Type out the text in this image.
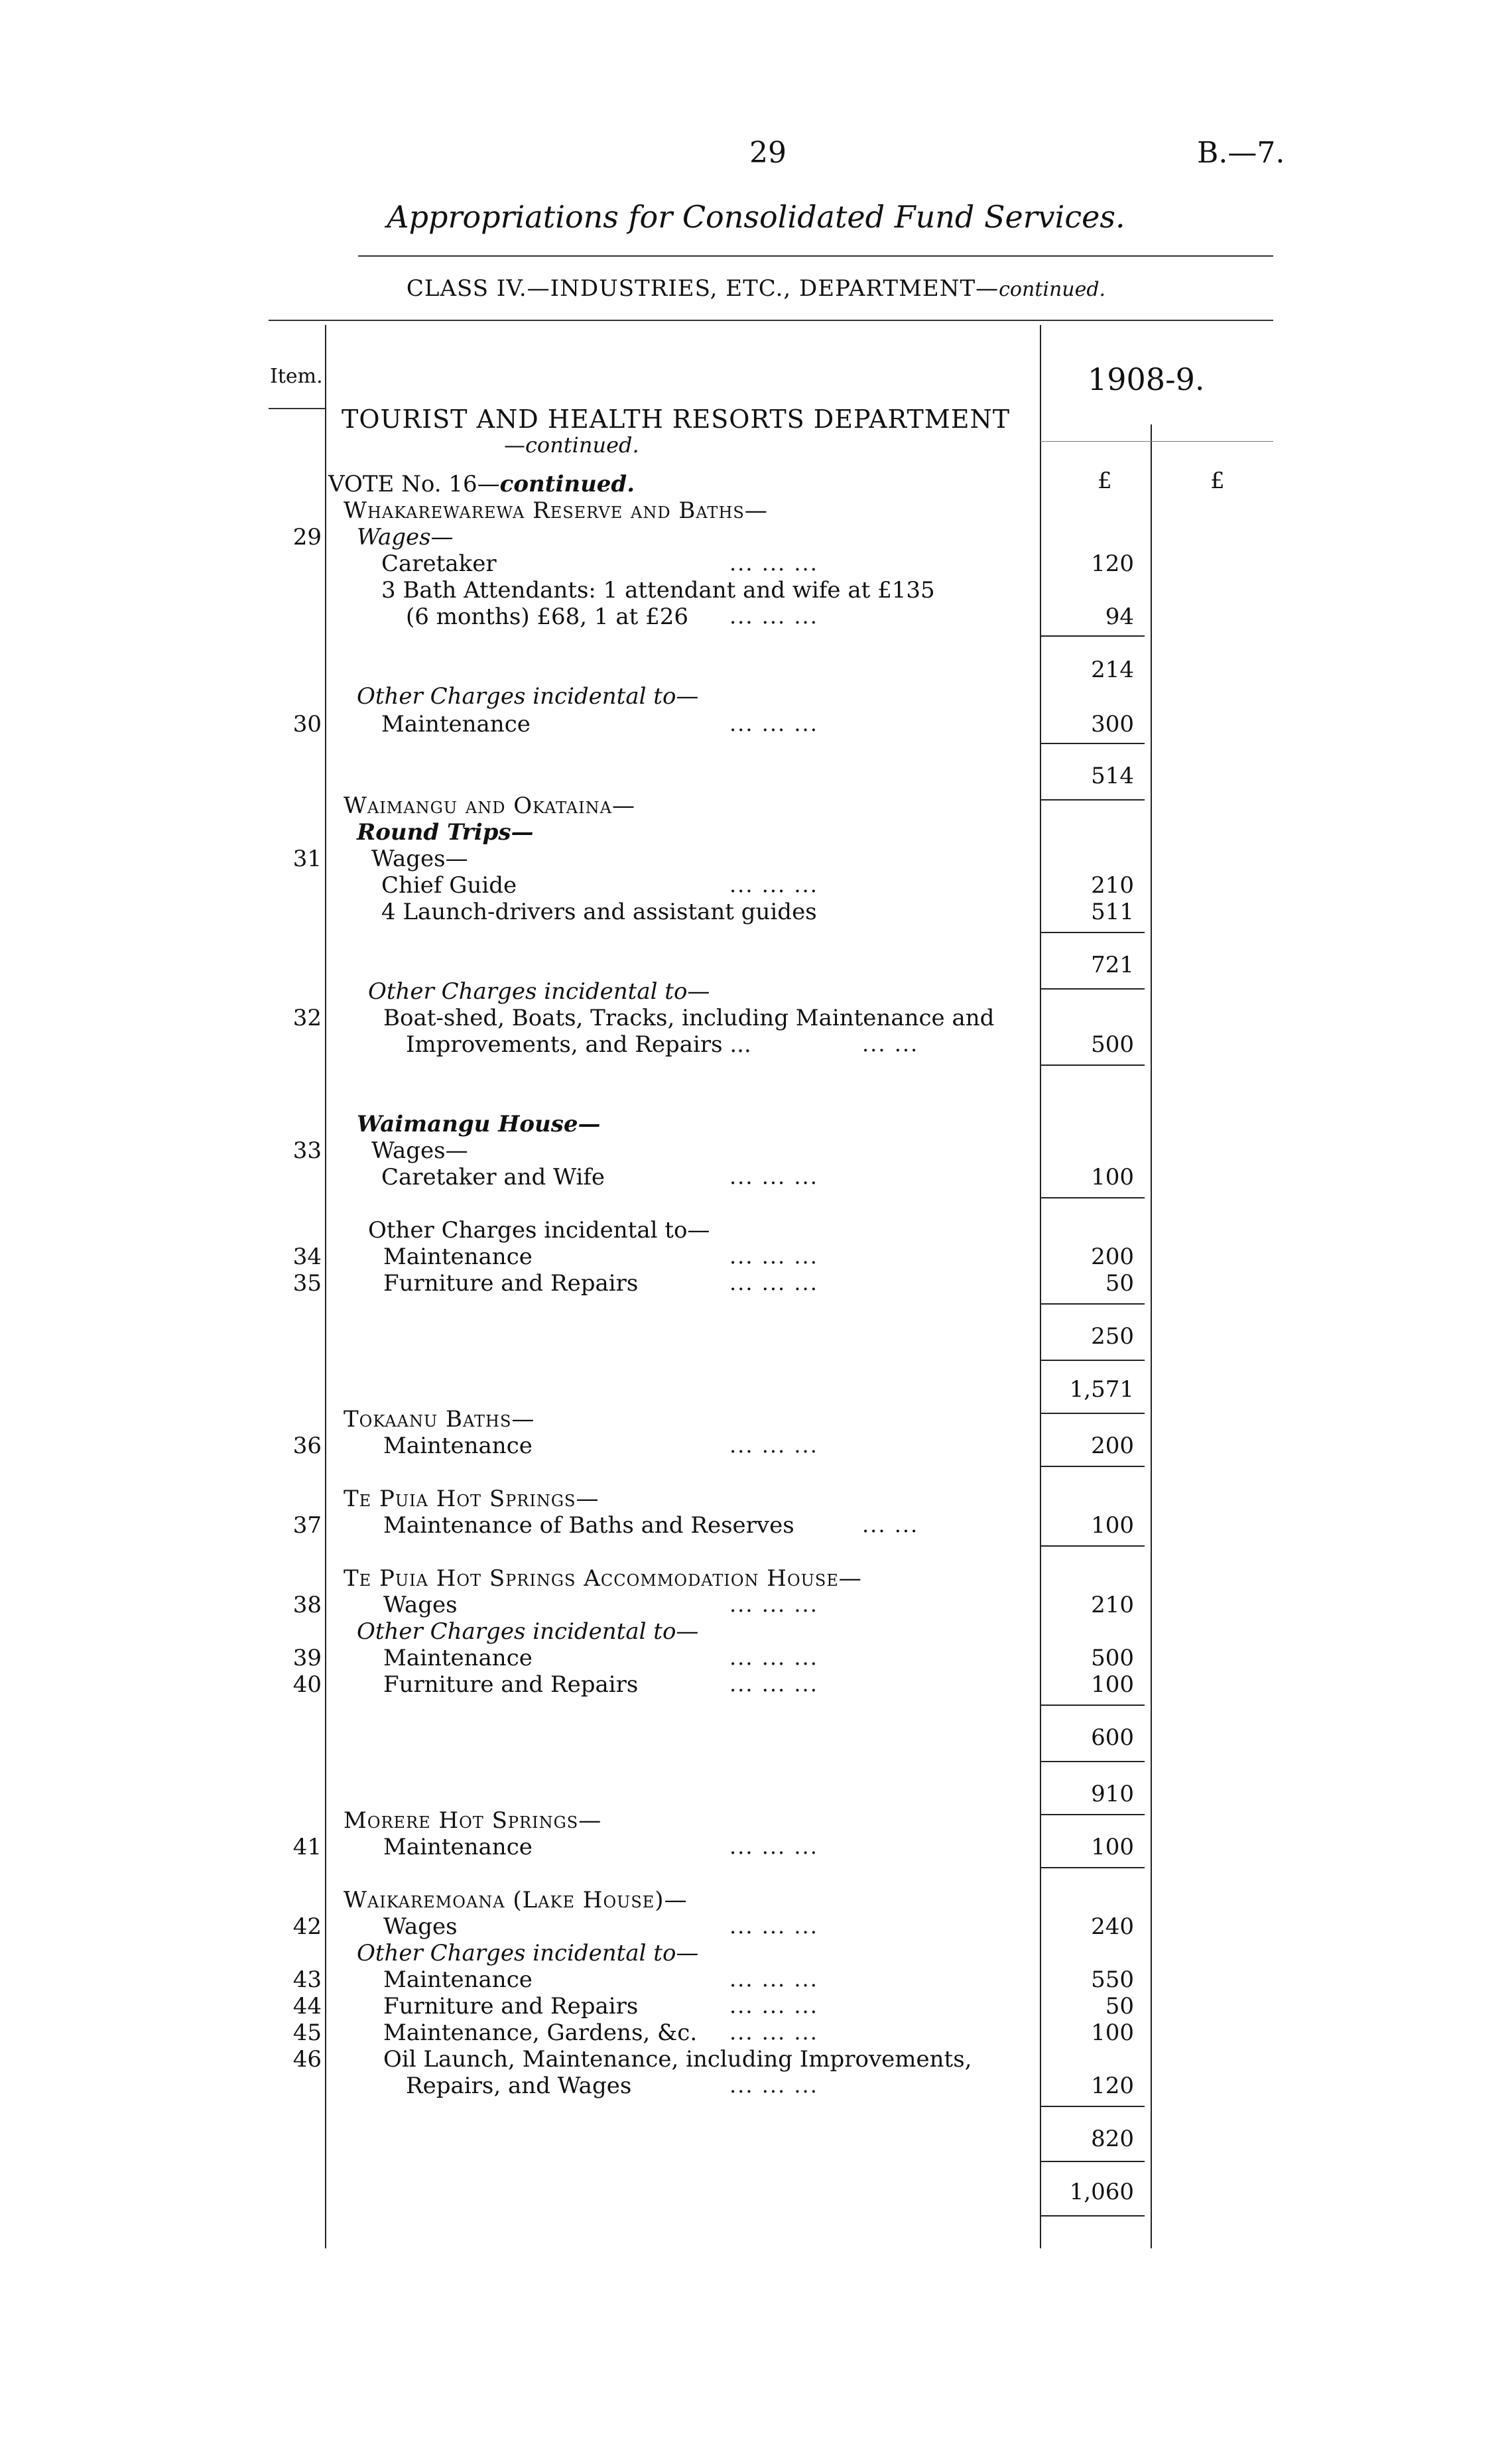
29	B.—7.
Appropriations for Consolidated Fund Services.
CLASS IV.—INDUSTRIES, ETC., DEPARTMENT—continued.
Item.	1908-9.
£	£
TOURIST AND HEALTH RESORTS DEPARTMENT
—continued.
VOTE No. 16—continued.
Whakarewarewa Reserve and Baths—
29 Wages—
Caretaker	... ... ...	120
3 Bath Attendants: 1 attendant and wife at £135
(6 months) £68, 1 at £26 ... ... ...	94
214
Other Charges incidental to—
30	Maintenance	... ... ...	300
514
Waimangu and Okataina—
Round Trips—
31 Wages—
Chief Guide	... ... ...	210
4 Launch-drivers and assistant guides	511
721
Other Charges incidental to—
32	Boat-shed, Boats, Tracks, including Maintenance and
Improvements, and Repairs ...	... ...	500
Waimangu House—
33 Wages—
Caretaker and Wife	... ... ...	100
Other Charges incidental to—
34	Maintenance	... ... ...	200
35	Furniture and Repairs	... ... ...	50
250
1,571
Tokaanu Baths—
36	Maintenance	... ... ...	200
Te Puia Hot Springs—
37	Maintenance of Baths and Reserves	... ...	100
Te Puia Hot Springs Accommodation House—
38	Wages	... ... ...	210
Other Charges incidental to—
39	Maintenance	... ... ...	500
40	Furniture and Repairs	... ... ...	100
600
910
Morere Hot Springs—
41	Maintenance	... ... ...	100
Waikaremoana (Lake House)—
42	Wages	... ... ...	240
Other Charges incidental to—
43	Maintenance	... ... ...	550
44	Furniture and Repairs	... ... ...	50
45	Maintenance, Gardens, &c. ... ... ...	100
46	Oil Launch, Maintenance, including Improvements,
Repairs, and Wages	... ... ...	120
820
1,060
